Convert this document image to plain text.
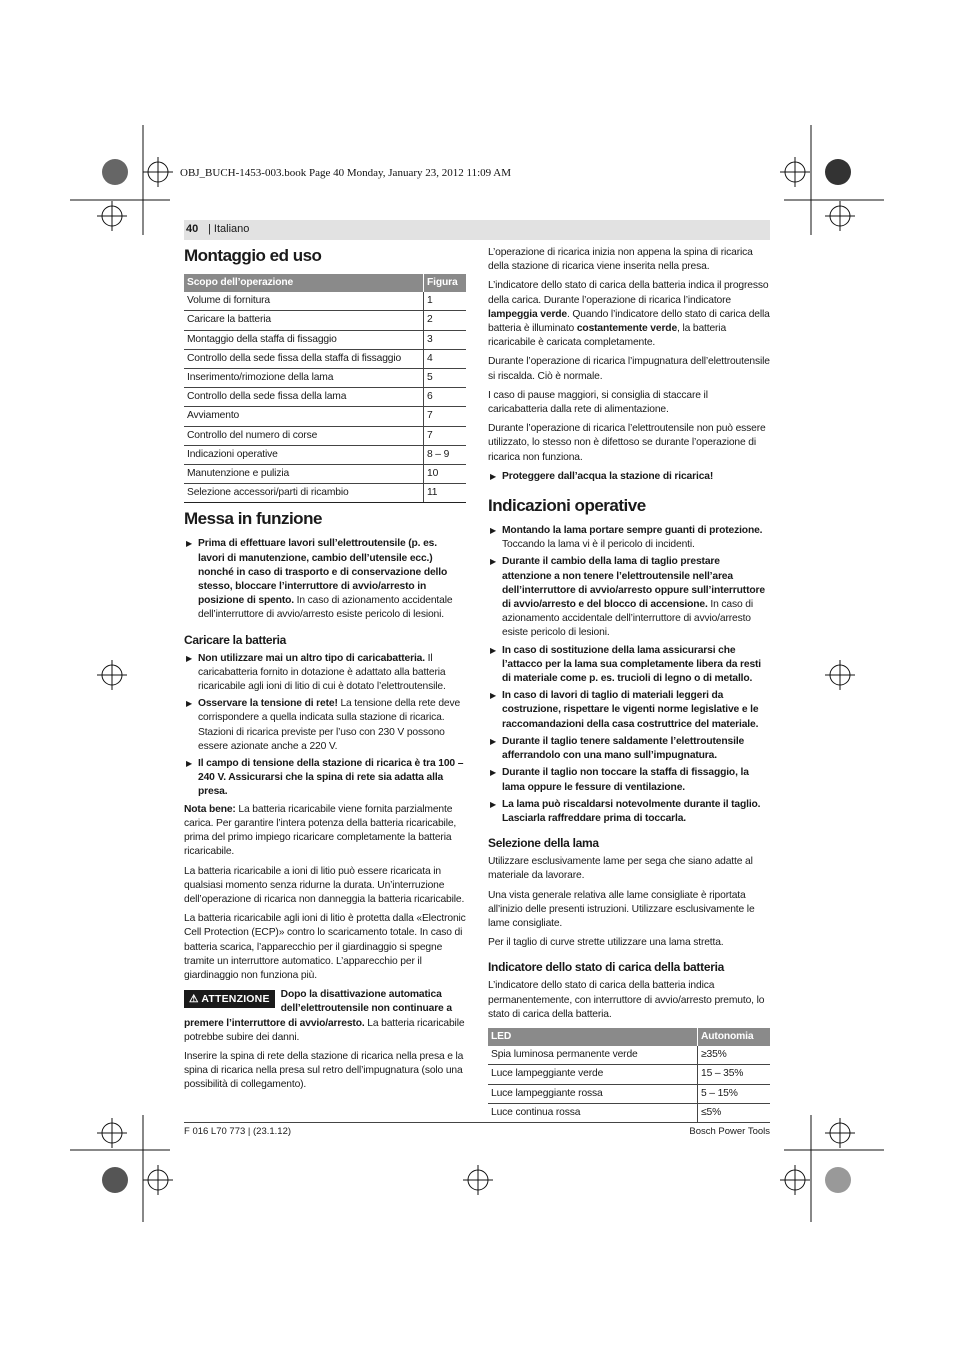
OBJ_BUCH-1453-003.book Page 40 Monday, January 23, 2012 11:09 AM
40 | Italiano
Montaggio ed uso
Scopo dell’operazione	Figura
Volume di fornitura	1
Caricare la batteria	2
Montaggio della staffa di fissaggio	3
Controllo della sede fissa della staffa di fissaggio	4
Inserimento/rimozione della lama	5
Controllo della sede fissa della lama	6
Avviamento	7
Controllo del numero di corse	7
Indicazioni operative	8 – 9
Manutenzione e pulizia	10
Selezione accessori/parti di ricambio	11
Messa in funzione

▶ Prima di effettuare lavori sull’elettroutensile (p. es. lavori di manutenzione, cambio dell’utensile ecc.) nonché in caso di trasporto e di conservazione dello stesso, bloccare l’interruttore di avvio/arresto in posizione di spento. In caso di azionamento accidentale dell’interruttore di avvio/arresto esiste pericolo di lesioni.

Caricare la batteria

▶ Non utilizzare mai un altro tipo di caricabatteria. Il caricabatteria fornito in dotazione è adattato alla batteria ricaricabile agli ioni di litio di cui è dotato l’elettroutensile.

▶ Osservare la tensione di rete! La tensione della rete deve corrispondere a quella indicata sulla stazione di ricarica. Stazioni di ricarica previste per l’uso con 230 V possono essere azionate anche a 220 V.

▶ Il campo di tensione della stazione di ricarica è tra 100 – 240 V. Assicurarsi che la spina di rete sia adatta alla presa.

Nota bene: La batteria ricaricabile viene fornita parzialmente carica. Per garantire l’intera potenza della batteria ricaricabile, prima del primo impiego ricaricare completamente la batteria ricaricabile.

La batteria ricaricabile a ioni di litio può essere ricaricata in qualsiasi momento senza ridurne la durata. Un’interruzione dell’operazione di ricarica non danneggia la batteria ricaricabile.

La batteria ricaricabile agli ioni di litio è protetta dalla «Electronic Cell Protection (ECP)» contro lo scaricamento totale. In caso di batteria scarica, l’apparecchio per il giardinaggio si spegne tramite un interruttore automatico. L’apparecchio per il giardinaggio non funziona più.

⚠ ATTENZIONE	Dopo la disattivazione automatica dell’elettroutensile non continuare a premere l’interruttore di avvio/arresto. La batteria ricaricabile potrebbe subire dei danni.

Inserire la spina di rete della stazione di ricarica nella presa e la spina di ricarica nella presa sul retro dell’impugnatura (solo una possibilità di collegamento).

L’operazione di ricarica inizia non appena la spina di ricarica della stazione di ricarica viene inserita nella presa.

L’indicatore dello stato di carica della batteria indica il progresso della carica. Durante l’operazione di ricarica l’indicatore lampeggia verde. Quando l’indicatore dello stato di carica della batteria è illuminato costantemente verde, la batteria ricaricabile è caricata completamente.

Durante l’operazione di ricarica l’impugnatura dell’elettroutensile si riscalda. Ciò è normale.

I caso di pause maggiori, si consiglia di staccare il caricabatteria dalla rete di alimentazione.

Durante l’operazione di ricarica l’elettroutensile non può essere utilizzato, lo stesso non è difettoso se durante l’operazione di ricarica non funziona.

▶ Proteggere dall’acqua la stazione di ricarica!

Indicazioni operative

▶ Montando la lama portare sempre guanti di protezione. Toccando la lama vi è il pericolo di incidenti.

▶ Durante il cambio della lama di taglio prestare attenzione a non tenere l’elettroutensile nell’area dell’interruttore di avvio/arresto oppure sull’interruttore di avvio/arresto e del blocco di accensione. In caso di azionamento accidentale dell’interruttore di avvio/arresto esiste pericolo di lesioni.

▶ In caso di sostituzione della lama assicurarsi che l’attacco per la lama sua completamente libera da resti di materiale come p. es. trucioli di legno o di metallo.

▶ In caso di lavori di taglio di materiali leggeri da costruzione, rispettare le vigenti norme legislative e le raccomandazioni della casa costruttrice del materiale.

▶ Durante il taglio tenere saldamente l’elettroutensile afferrandolo con una mano sull’impugnatura.

▶ Durante il taglio non toccare la staffa di fissaggio, la lama oppure le fessure di ventilazione.

▶ La lama può riscaldarsi notevolmente durante il taglio. Lasciarla raffreddare prima di toccarla.

Selezione della lama

Utilizzare esclusivamente lame per sega che siano adatte al materiale da lavorare.

Una vista generale relativa alle lame consigliate è riportata all’inizio delle presenti istruzioni. Utilizzare esclusivamente le lame consigliate.

Per il taglio di curve strette utilizzare una lama stretta.

Indicatore dello stato di carica della batteria

L’indicatore dello stato di carica della batteria indica permanentemente, con interruttore di avvio/arresto premuto, lo stato di carica della batteria.

LED	Autonomia
Spia luminosa permanente verde	≥35%
Luce lampeggiante verde	15 – 35%
Luce lampeggiante rossa	5 – 15%
Luce continua rossa	≤5%
F 016 L70 773 | (23.1.12)	Bosch Power Tools
